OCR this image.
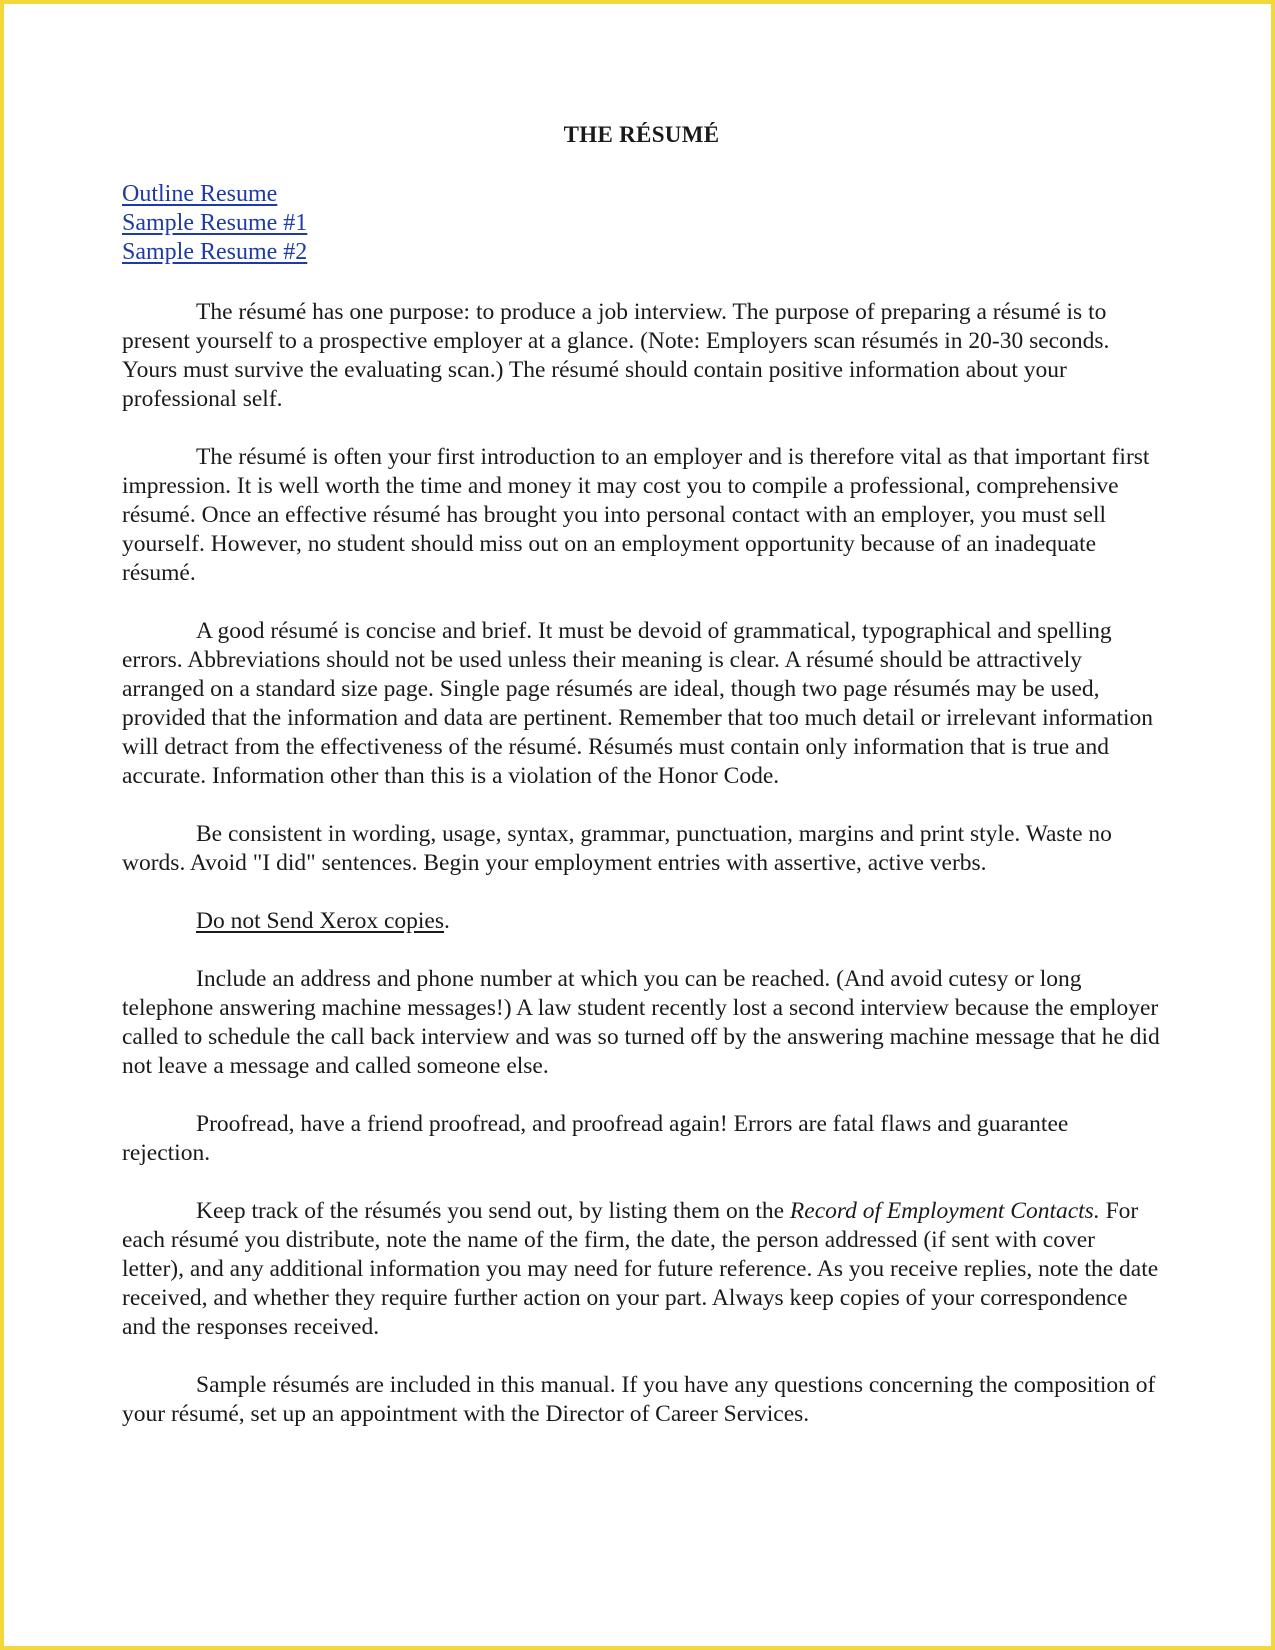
THE RÉSUMÉ
Outline Resume
Sample Resume #1
Sample Resume #2

The résumé has one purpose: to produce a job interview. The purpose of preparing a résumé is to present yourself to a prospective employer at a glance. (Note: Employers scan résumés in 20-30 seconds. Yours must survive the evaluating scan.) The résumé should contain positive information about your professional self.

The résumé is often your first introduction to an employer and is therefore vital as that important first impression. It is well worth the time and money it may cost you to compile a professional, comprehensive résumé. Once an effective résumé has brought you into personal contact with an employer, you must sell yourself. However, no student should miss out on an employment opportunity because of an inadequate résumé.

A good résumé is concise and brief. It must be devoid of grammatical, typographical and spelling errors. Abbreviations should not be used unless their meaning is clear. A résumé should be attractively arranged on a standard size page. Single page résumés are ideal, though two page résumés may be used, provided that the information and data are pertinent. Remember that too much detail or irrelevant information will detract from the effectiveness of the résumé. Résumés must contain only information that is true and accurate. Information other than this is a violation of the Honor Code.

Be consistent in wording, usage, syntax, grammar, punctuation, margins and print style. Waste no words. Avoid "I did" sentences. Begin your employment entries with assertive, active verbs.

Do not Send Xerox copies.

Include an address and phone number at which you can be reached. (And avoid cutesy or long telephone answering machine messages!) A law student recently lost a second interview because the employer called to schedule the call back interview and was so turned off by the answering machine message that he did not leave a message and called someone else.

Proofread, have a friend proofread, and proofread again! Errors are fatal flaws and guarantee rejection.

Keep track of the résumés you send out, by listing them on the Record of Employment Contacts. For each résumé you distribute, note the name of the firm, the date, the person addressed (if sent with cover letter), and any additional information you may need for future reference. As you receive replies, note the date received, and whether they require further action on your part. Always keep copies of your correspondence and the responses received.

Sample résumés are included in this manual. If you have any questions concerning the composition of your résumé, set up an appointment with the Director of Career Services.
